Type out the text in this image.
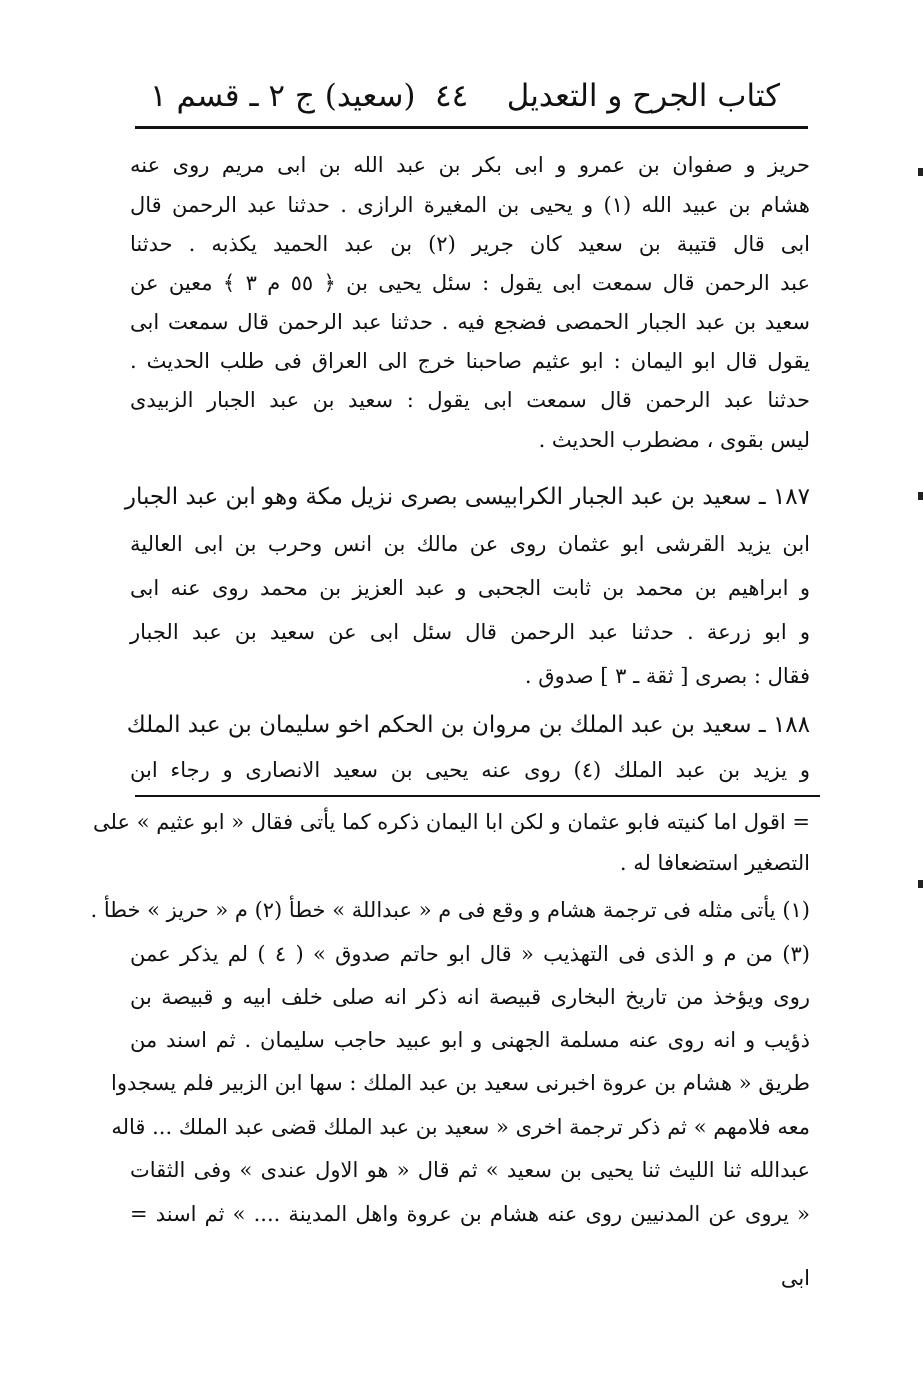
كتاب الجرح و التعديل
٤٤
(سعيد) ج ٢ ـ قسم ١
حريز و صفوان بن عمرو و ابى بكر بن عبد الله بن ابى مريم روى عنه
هشام بن عبيد الله (١) و يحيى بن المغيرة الرازى . حدثنا عبد الرحمن قال
ابى قال قتيبة بن سعيد كان جرير (٢) بن عبد الحميد يكذبه . حدثنا
عبد الرحمن قال سمعت ابى يقول : سئل يحيى بن ﴿ ٥٥ م ٣ ﴾ معين عن
سعيد بن عبد الجبار الحمصى فضجع فيه . حدثنا عبد الرحمن قال سمعت ابى
يقول قال ابو اليمان : ابو عثيم صاحبنا خرج الى العراق فى طلب الحديث .
حدثنا عبد الرحمن قال سمعت ابى يقول : سعيد بن عبد الجبار الزبيدى
ليس بقوى ، مضطرب الحديث .
١٨٧ ـ سعيد بن عبد الجبار الكرابيسى بصرى نزيل مكة وهو ابن عبد الجبار
ابن يزيد القرشى ابو عثمان روى عن مالك بن انس وحرب بن ابى العالية
و ابراهيم بن محمد بن ثابت الجحبى و عبد العزيز بن محمد روى عنه ابى
و ابو زرعة . حدثنا عبد الرحمن قال سئل ابى عن سعيد بن عبد الجبار
فقال : بصرى [ ثقة ـ ٣ ] صدوق .
١٨٨ ـ سعيد بن عبد الملك بن مروان بن الحكم اخو سليمان بن عبد الملك
و يزيد بن عبد الملك (٤) روى عنه يحيى بن سعيد الانصارى و رجاء ابن
= اقول اما كنيته فابو عثمان و لكن ابا اليمان ذكره كما يأتى فقال « ابو عثيم » على
التصغير استضعافا له .
(١) يأتى مثله فى ترجمة هشام و وقع فى م « عبداللة » خطأ (٢) م « حريز » خطأ .
(٣) من م و الذى فى التهذيب « قال ابو حاتم صدوق » ( ٤ ) لم يذكر عمن
روى ويؤخذ من تاريخ البخارى قبيصة انه ذكر انه صلى خلف ابيه و قبيصة بن
ذؤيب و انه روى عنه مسلمة الجهنى و ابو عبيد حاجب سليمان . ثم اسند من
طريق « هشام بن عروة اخبرنى سعيد بن عبد الملك : سها ابن الزبير فلم يسجدوا
معه فلامهم » ثم ذكر ترجمة اخرى « سعيد بن عبد الملك قضى عبد الملك ... قاله
عبدالله ثنا الليث ثنا يحيى بن سعيد » ثم قال « هو الاول عندى » وفى الثقات
« يروى عن المدنيين روى عنه هشام بن عروة واهل المدينة .... » ثم اسند =
ابى
